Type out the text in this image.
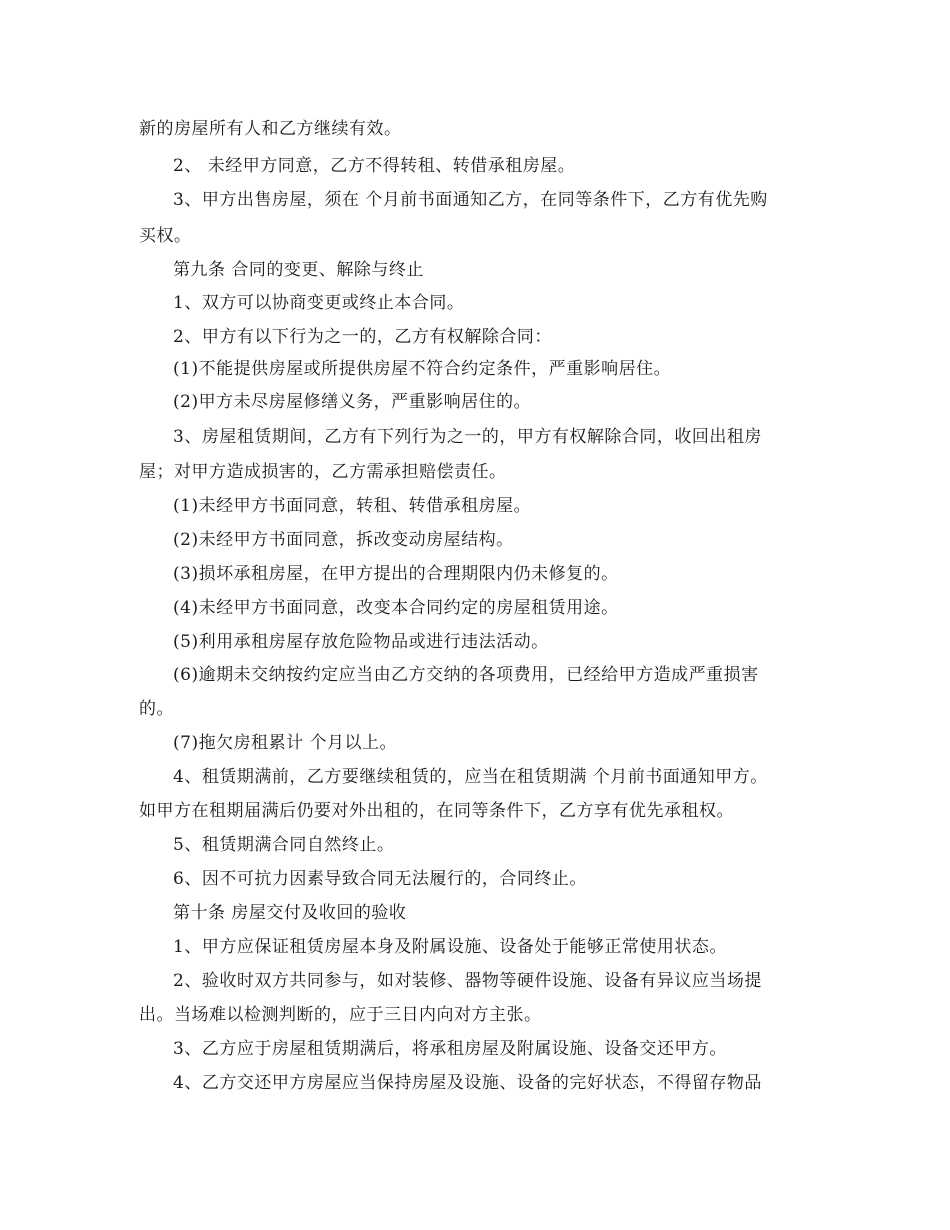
新的房屋所有人和乙方继续有效。
2、 未经甲方同意，乙方不得转租、转借承租房屋。
3、甲方出售房屋，须在 个月前书面通知乙方，在同等条件下，乙方有优先购
买权。
第九条 合同的变更、解除与终止
1、双方可以协商变更或终止本合同。
2、甲方有以下行为之一的，乙方有权解除合同：
(1)不能提供房屋或所提供房屋不符合约定条件，严重影响居住。
(2)甲方未尽房屋修缮义务，严重影响居住的。
3、房屋租赁期间，乙方有下列行为之一的，甲方有权解除合同，收回出租房
屋；对甲方造成损害的，乙方需承担赔偿责任。
(1)未经甲方书面同意，转租、转借承租房屋。
(2)未经甲方书面同意，拆改变动房屋结构。
(3)损坏承租房屋，在甲方提出的合理期限内仍未修复的。
(4)未经甲方书面同意，改变本合同约定的房屋租赁用途。
(5)利用承租房屋存放危险物品或进行违法活动。
(6)逾期未交纳按约定应当由乙方交纳的各项费用，已经给甲方造成严重损害
的。
(7)拖欠房租累计 个月以上。
4、租赁期满前，乙方要继续租赁的，应当在租赁期满 个月前书面通知甲方。
如甲方在租期届满后仍要对外出租的，在同等条件下，乙方享有优先承租权。
5、租赁期满合同自然终止。
6、因不可抗力因素导致合同无法履行的，合同终止。
第十条 房屋交付及收回的验收
1、甲方应保证租赁房屋本身及附属设施、设备处于能够正常使用状态。
2、验收时双方共同参与，如对装修、器物等硬件设施、设备有异议应当场提
出。当场难以检测判断的，应于三日内向对方主张。
3、乙方应于房屋租赁期满后，将承租房屋及附属设施、设备交还甲方。
4、乙方交还甲方房屋应当保持房屋及设施、设备的完好状态，不得留存物品
